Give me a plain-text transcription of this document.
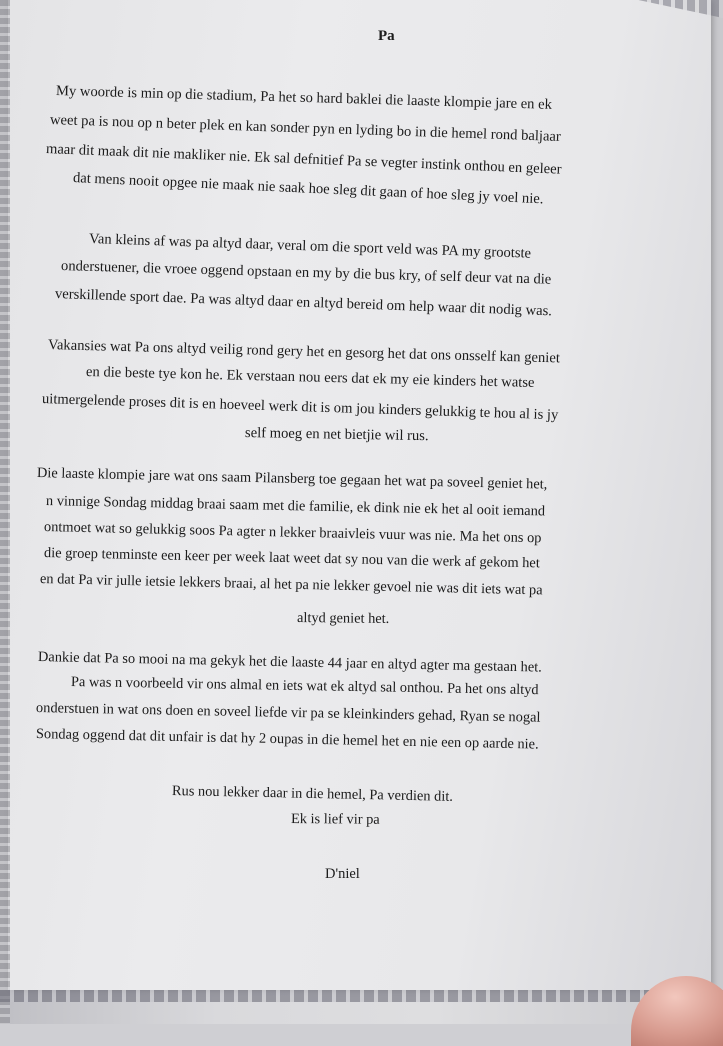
Pa

My woorde is min op die stadium, Pa het so hard baklei die laaste klompie jare en ek
weet pa is nou op n beter plek en kan sonder pyn en lyding bo in die hemel rond baljaar
maar dit maak dit nie makliker nie. Ek sal defnitief Pa se vegter instink onthou en geleer
dat mens nooit opgee nie maak nie saak hoe sleg dit gaan of hoe sleg jy voel nie.

Van kleins af was pa altyd daar, veral om die sport veld was PA my grootste
onderstuener, die vroee oggend opstaan en my by die bus kry, of self deur vat na die
verskillende sport dae. Pa was altyd daar en altyd bereid om help waar dit nodig was.

Vakansies wat Pa ons altyd veilig rond gery het en gesorg het dat ons onsself kan geniet
en die beste tye kon he. Ek verstaan nou eers dat ek my eie kinders het watse
uitmergelende proses dit is en hoeveel werk dit is om jou kinders gelukkig te hou al is jy
self moeg en net bietjie wil rus.

Die laaste klompie jare wat ons saam Pilansberg toe gegaan het wat pa soveel geniet het,
n vinnige Sondag middag braai saam met die familie, ek dink nie ek het al ooit iemand
ontmoet wat so gelukkig soos Pa agter n lekker braaivleis vuur was nie. Ma het ons op
die groep tenminste een keer per week laat weet dat sy nou van die werk af gekom het
en dat Pa vir julle ietsie lekkers braai, al het pa nie lekker gevoel nie was dit iets wat pa
altyd geniet het.

Dankie dat Pa so mooi na ma gekyk het die laaste 44 jaar en altyd agter ma gestaan het.
Pa was n voorbeeld vir ons almal en iets wat ek altyd sal onthou. Pa het ons altyd
onderstuen in wat ons doen en soveel liefde vir pa se kleinkinders gehad, Ryan se nogal
Sondag oggend dat dit unfair is dat hy 2 oupas in die hemel het en nie een op aarde nie.

Rus nou lekker daar in die hemel, Pa verdien dit.
Ek is lief vir pa

D'niel
